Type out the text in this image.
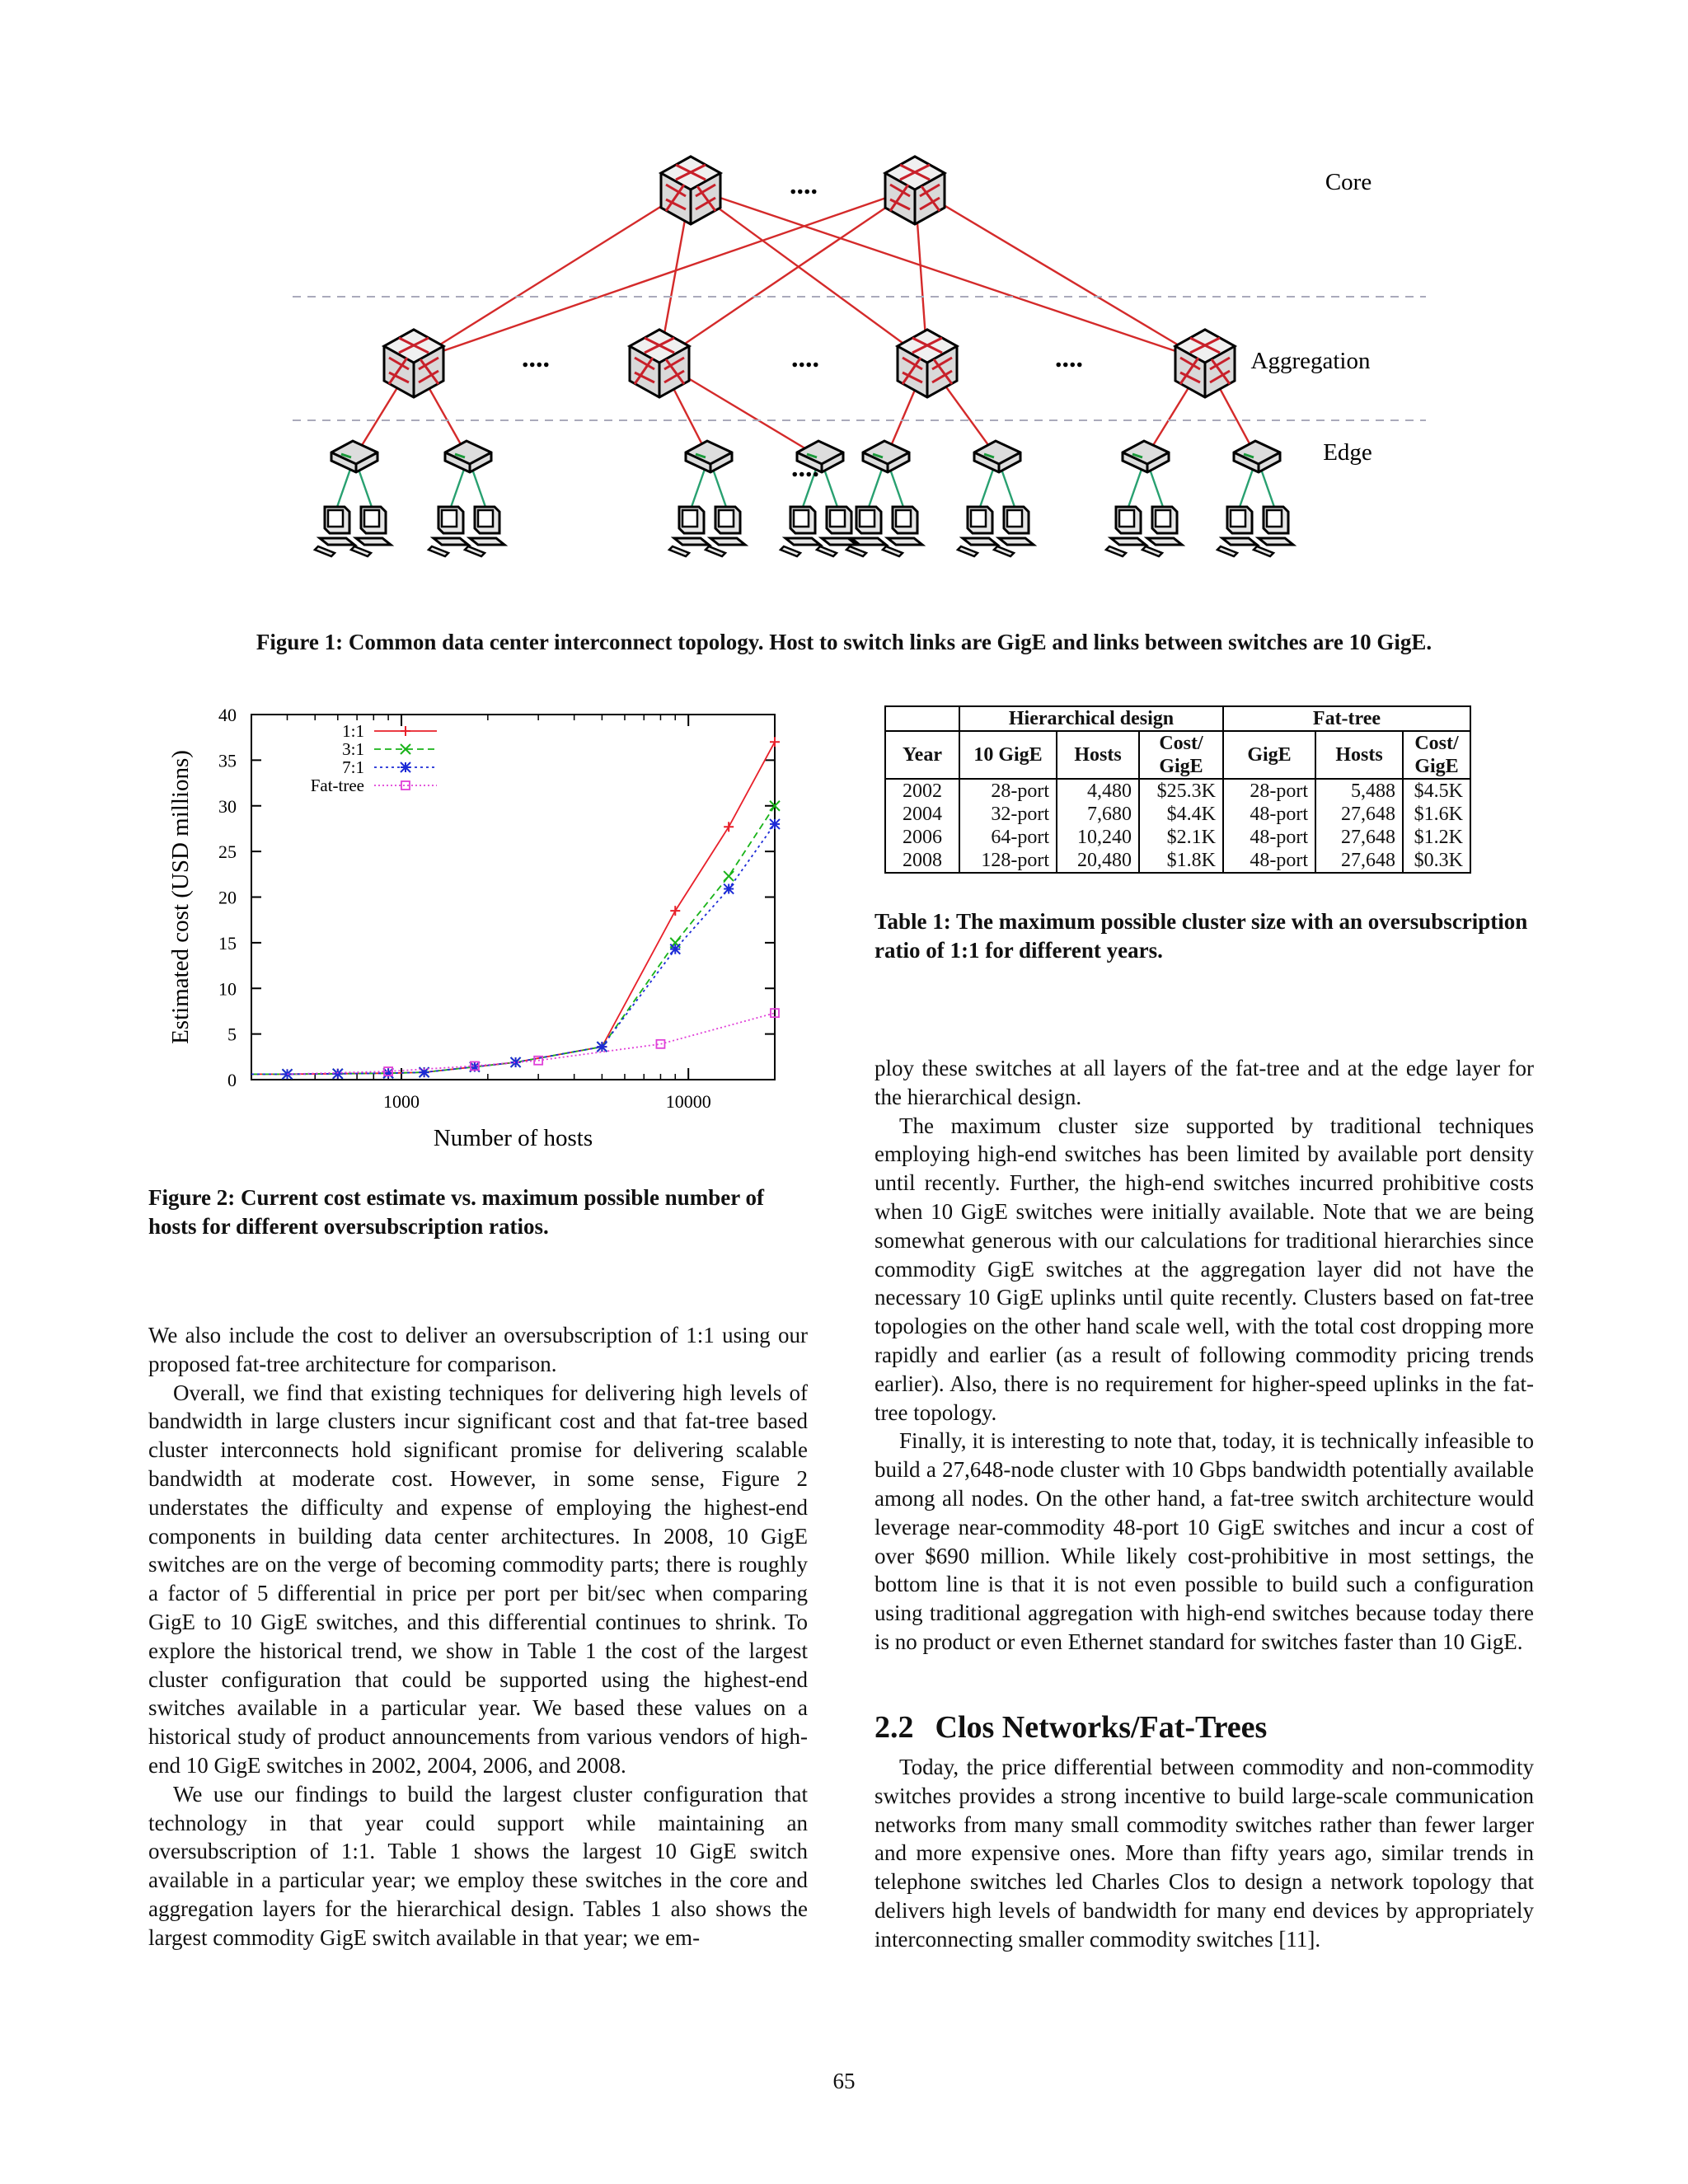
Core
Aggregation
Edge
....
....	....	....
....
Figure 1: Common data center interconnect topology. Host to switch links are GigE and links between switches are 10 GigE.
0
5
10
15
20
25
30
35
40
1000	10000
1:1
3:1
7:1
Fat-tree
Estimated cost (USD millions)
Number of hosts
Figure 2: Current cost estimate vs. maximum possible number of hosts for different oversubscription ratios.
	Hierarchical design			Fat-tree		
Year	10 GigE	Hosts	Cost/ GigE	GigE	Hosts	Cost/ GigE
2002	28-port	4,480	$25.3K	28-port	5,488	$4.5K
2004	32-port	7,680	$4.4K	48-port	27,648	$1.6K
2006	64-port	10,240	$2.1K	48-port	27,648	$1.2K
2008	128-port	20,480	$1.8K	48-port	27,648	$0.3K
Table 1: The maximum possible cluster size with an oversubscription ratio of 1:1 for different years.

We also include the cost to deliver an oversubscription of 1:1 using our proposed fat-tree architecture for comparison.

Overall, we find that existing techniques for delivering high levels of bandwidth in large clusters incur significant cost and that fat-tree based cluster interconnects hold significant promise for delivering scalable bandwidth at moderate cost. However, in some sense, Figure 2 understates the difficulty and expense of employing the highest-end components in building data center architectures. In 2008, 10 GigE switches are on the verge of becoming commodity parts; there is roughly a factor of 5 differential in price per port per bit/sec when comparing GigE to 10 GigE switches, and this differential continues to shrink. To explore the historical trend, we show in Table 1 the cost of the largest cluster configuration that could be supported using the highest-end switches available in a particular year. We based these values on a historical study of product announcements from various vendors of high-end 10 GigE switches in 2002, 2004, 2006, and 2008.

We use our findings to build the largest cluster configuration that technology in that year could support while maintaining an oversubscription of 1:1. Table 1 shows the largest 10 GigE switch available in a particular year; we employ these switches in the core and aggregation layers for the hierarchical design. Tables 1 also shows the largest commodity GigE switch available in that year; we em-

ploy these switches at all layers of the fat-tree and at the edge layer for the hierarchical design.

The maximum cluster size supported by traditional techniques employing high-end switches has been limited by available port density until recently. Further, the high-end switches incurred prohibitive costs when 10 GigE switches were initially available. Note that we are being somewhat generous with our calculations for traditional hierarchies since commodity GigE switches at the aggregation layer did not have the necessary 10 GigE uplinks until quite recently. Clusters based on fat-tree topologies on the other hand scale well, with the total cost dropping more rapidly and earlier (as a result of following commodity pricing trends earlier). Also, there is no requirement for higher-speed uplinks in the fat-tree topology.

Finally, it is interesting to note that, today, it is technically infeasible to build a 27,648-node cluster with 10 Gbps bandwidth potentially available among all nodes. On the other hand, a fat-tree switch architecture would leverage near-commodity 48-port 10 GigE switches and incur a cost of over $690 million. While likely cost-prohibitive in most settings, the bottom line is that it is not even possible to build such a configuration using traditional aggregation with high-end switches because today there is no product or even Ethernet standard for switches faster than 10 GigE.

2.2 Clos Networks/Fat-Trees

Today, the price differential between commodity and non-commodity switches provides a strong incentive to build large-scale communication networks from many small commodity switches rather than fewer larger and more expensive ones. More than fifty years ago, similar trends in telephone switches led Charles Clos to design a network topology that delivers high levels of bandwidth for many end devices by appropriately interconnecting smaller commodity switches [11].

65
